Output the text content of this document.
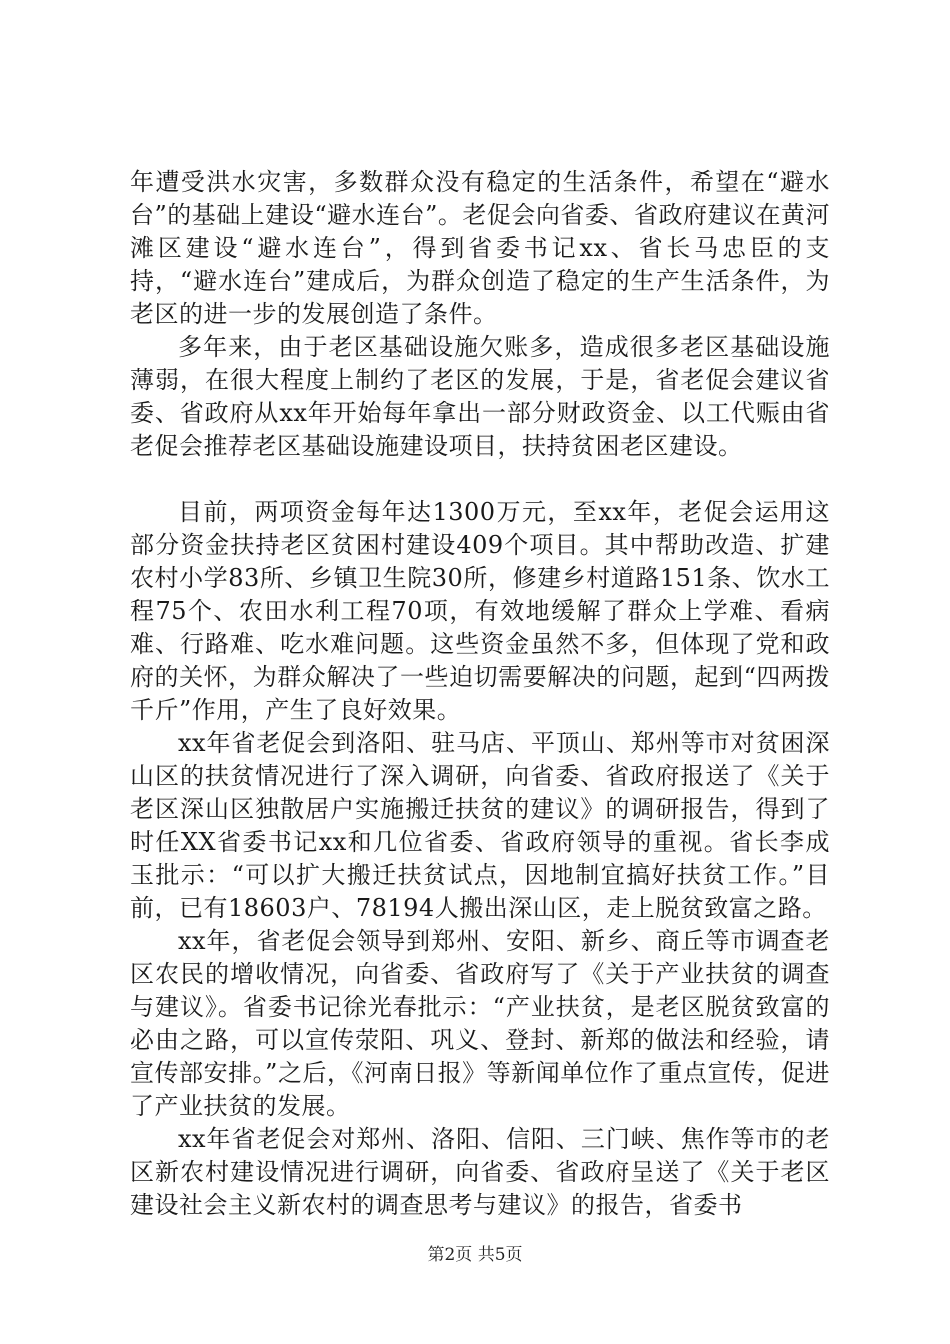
年遭受洪水灾害，多数群众没有稳定的生活条件，希望在“避水台”的基础上建设“避水连台”。老促会向省委、省政府建议在黄河滩区建设“避水连台”，得到省委书记xx、省长马忠臣的支持，“避水连台”建成后，为群众创造了稳定的生产生活条件，为老区的进一步的发展创造了条件。

多年来，由于老区基础设施欠账多，造成很多老区基础设施薄弱，在很大程度上制约了老区的发展，于是，省老促会建议省委、省政府从xx年开始每年拿出一部分财政资金、以工代赈由省老促会推荐老区基础设施建设项目，扶持贫困老区建设。

目前，两项资金每年达1300万元，至xx年，老促会运用这部分资金扶持老区贫困村建设409个项目。其中帮助改造、扩建农村小学83所、乡镇卫生院30所，修建乡村道路151条、饮水工程75个、农田水利工程70项，有效地缓解了群众上学难、看病难、行路难、吃水难问题。这些资金虽然不多，但体现了党和政府的关怀，为群众解决了一些迫切需要解决的问题，起到“四两拨千斤”作用，产生了良好效果。

xx年省老促会到洛阳、驻马店、平顶山、郑州等市对贫困深山区的扶贫情况进行了深入调研，向省委、省政府报送了《关于老区深山区独散居户实施搬迁扶贫的建议》的调研报告，得到了时任XX省委书记xx和几位省委、省政府领导的重视。省长李成玉批示：“可以扩大搬迁扶贫试点，因地制宜搞好扶贫工作。”目前，已有18603户、78194人搬出深山区，走上脱贫致富之路。

xx年，省老促会领导到郑州、安阳、新乡、商丘等市调查老区农民的增收情况，向省委、省政府写了《关于产业扶贫的调查与建议》。省委书记徐光春批示：“产业扶贫，是老区脱贫致富的必由之路，可以宣传荥阳、巩义、登封、新郑的做法和经验，请宣传部安排。”之后，《河南日报》等新闻单位作了重点宣传，促进了产业扶贫的发展。

xx年省老促会对郑州、洛阳、信阳、三门峡、焦作等市的老区新农村建设情况进行调研，向省委、省政府呈送了《关于老区建设社会主义新农村的调查思考与建议》的报告，省委书

第2页 共5页
